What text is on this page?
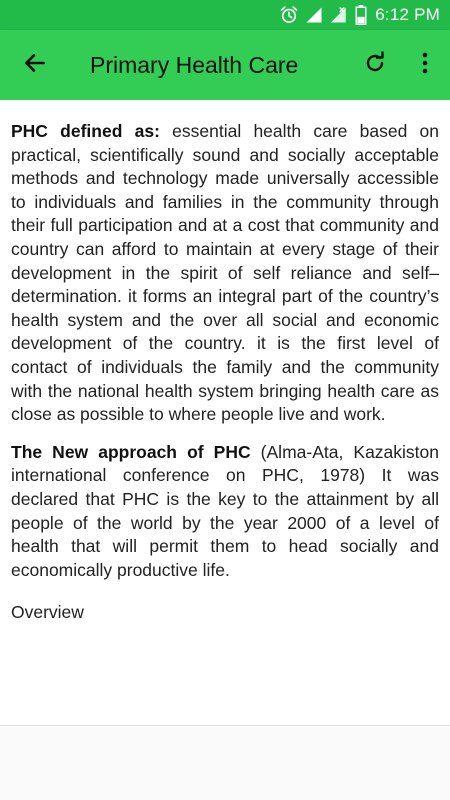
6:12 PM
Primary Health Care

PHC defined as: essential health care based on practical, scientifically sound and socially acceptable methods and technology made universally accessible to individuals and families in the community through their full participation and at a cost that community and country can afford to maintain at every stage of their development in the spirit of self reliance and self– determination. it forms an integral part of the country’s health system and the over all social and economic development of the country. it is the first level of contact of individuals the family and the community with the national health system bringing health care as close as possible to where people live and work.

The New approach of PHC (Alma-Ata, Kazakiston international conference on PHC, 1978) It was declared that PHC is the key to the attainment by all people of the world by the year 2000 of a level of health that will permit them to head socially and economically productive life.

Overview
